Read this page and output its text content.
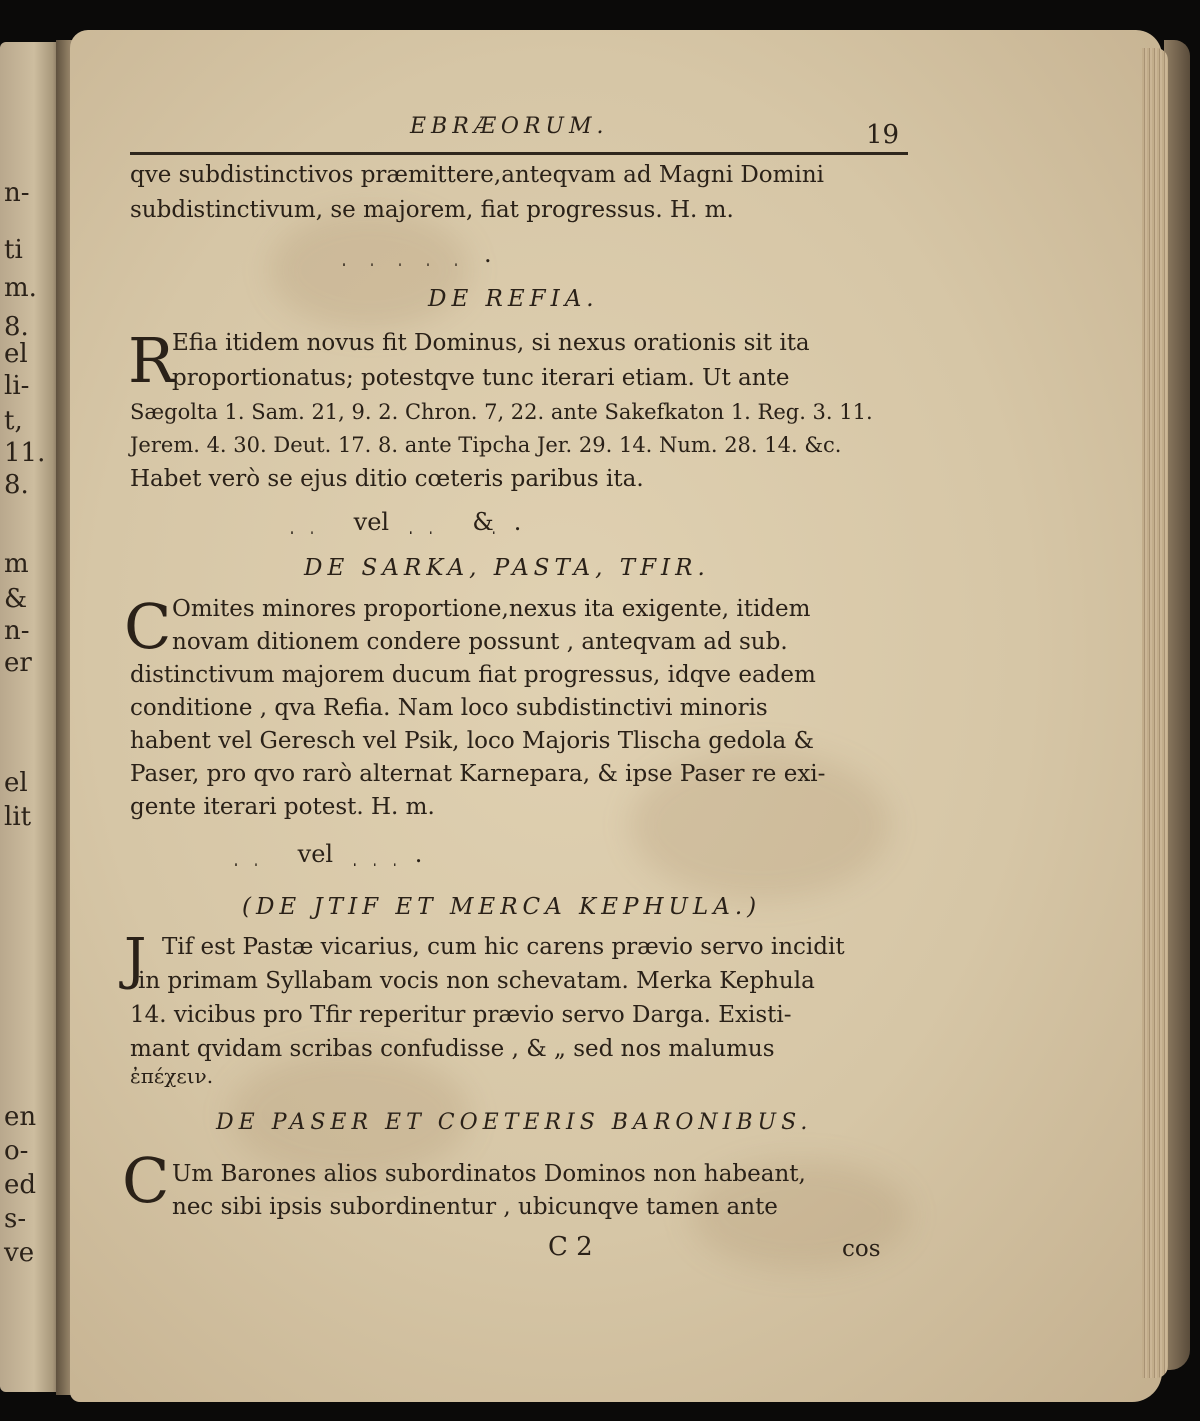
n-
ti
m.
8.
el
li-
t,
11.
8.
m
&
n-
er
el
lit
en
o-
ed
s-
ve
EBRÆORUM.	19
qve subdistinctivos præmittere,anteqvam ad Magni Domini
subdistinctivum, se majorem, fiat progressus. H. m.
ֽ ֽ ֽ ֽ ֽ ֽ.
DE REFIA.
R
Efia itidem novus fit Dominus, si nexus orationis sit ita
proportionatus; potestqve tunc iterari etiam. Ut ante
Sægolta 1. Sam. 21, 9. 2. Chron. 7, 22. ante Sakefkaton 1. Reg. 3. 11.
Jerem. 4. 30. Deut. 17. 8. ante Tipcha Jer. 29. 14. Num. 28. 14. &c.
Habet verò se ejus ditio cœteris paribus ita.
ֽ ֽ ֽ vel ֽ ֽ ֽ & ֽ.
DE SARKA, PASTA, TFIR.
C Omites minores proportione,nexus ita exigente, itidem
novam ditionem condere possunt , anteqvam ad sub.
distinctivum majorem ducum fiat progressus, idqve eadem
conditione , qva Refia. Nam loco subdistinctivi minoris
habent vel Geresch vel Psik, loco Majoris Tlischa gedola &
Paser, pro qvo rarò alternat Karnepara, & ipse Paser re exi-
gente iterari potest. H. m.
ֽ ֽ ֽ vel ֽ ֽ ֽ ֽ.
(DE JTIF ET MERCA KEPHULA.)
J Tif est Pastæ vicarius, cum hic carens prævio servo incidit
in primam Syllabam vocis non schevatam. Merka Kephula
14. vicibus pro Tfir reperitur prævio servo Darga. Existi-
mant qvidam scribas confudisse , & „ sed nos malumus
ἐπέχειν.
DE PASER ET COETERIS BARONIBUS.
C Um Barones alios subordinatos Dominos non habeant,
nec sibi ipsis subordinentur , ubicunqve tamen ante
C 2	cos
